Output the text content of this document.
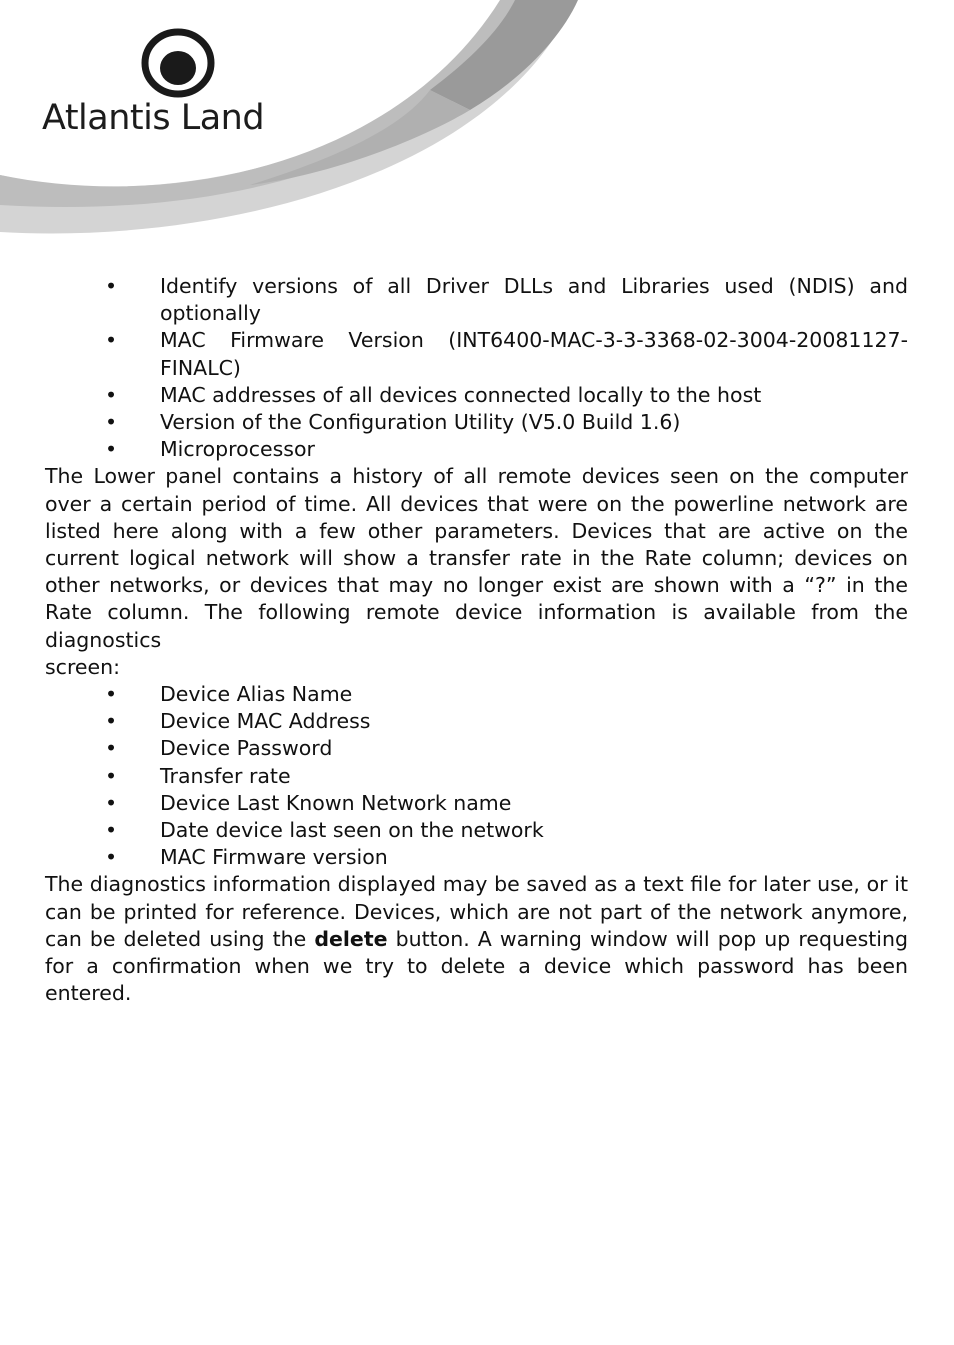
Atlantis Land
• Identify versions of all Driver DLLs and Libraries used (NDIS) and optionally
• MAC Firmware Version (INT6400-MAC-3-3-3368-02-3004-20081127-FINALC)
• MAC addresses of all devices connected locally to the host
• Version of the Configuration Utility (V5.0 Build 1.6)
• Microprocessor

The Lower panel contains a history of all remote devices seen on the computer over a certain period of time. All devices that were on the powerline network are listed here along with a few other parameters. Devices that are active on the current logical network will show a transfer rate in the Rate column; devices on other networks, or devices that may no longer exist are shown with a “?” in the Rate column. The following remote device information is available from the diagnostics

screen:

• Device Alias Name
• Device MAC Address
• Device Password
• Transfer rate
• Device Last Known Network name
• Date device last seen on the network
• MAC Firmware version

The diagnostics information displayed may be saved as a text file for later use, or it can be printed for reference. Devices, which are not part of the network anymore, can be deleted using the delete button. A warning window will pop up requesting for a confirmation when we try to delete a device which password has been entered.
